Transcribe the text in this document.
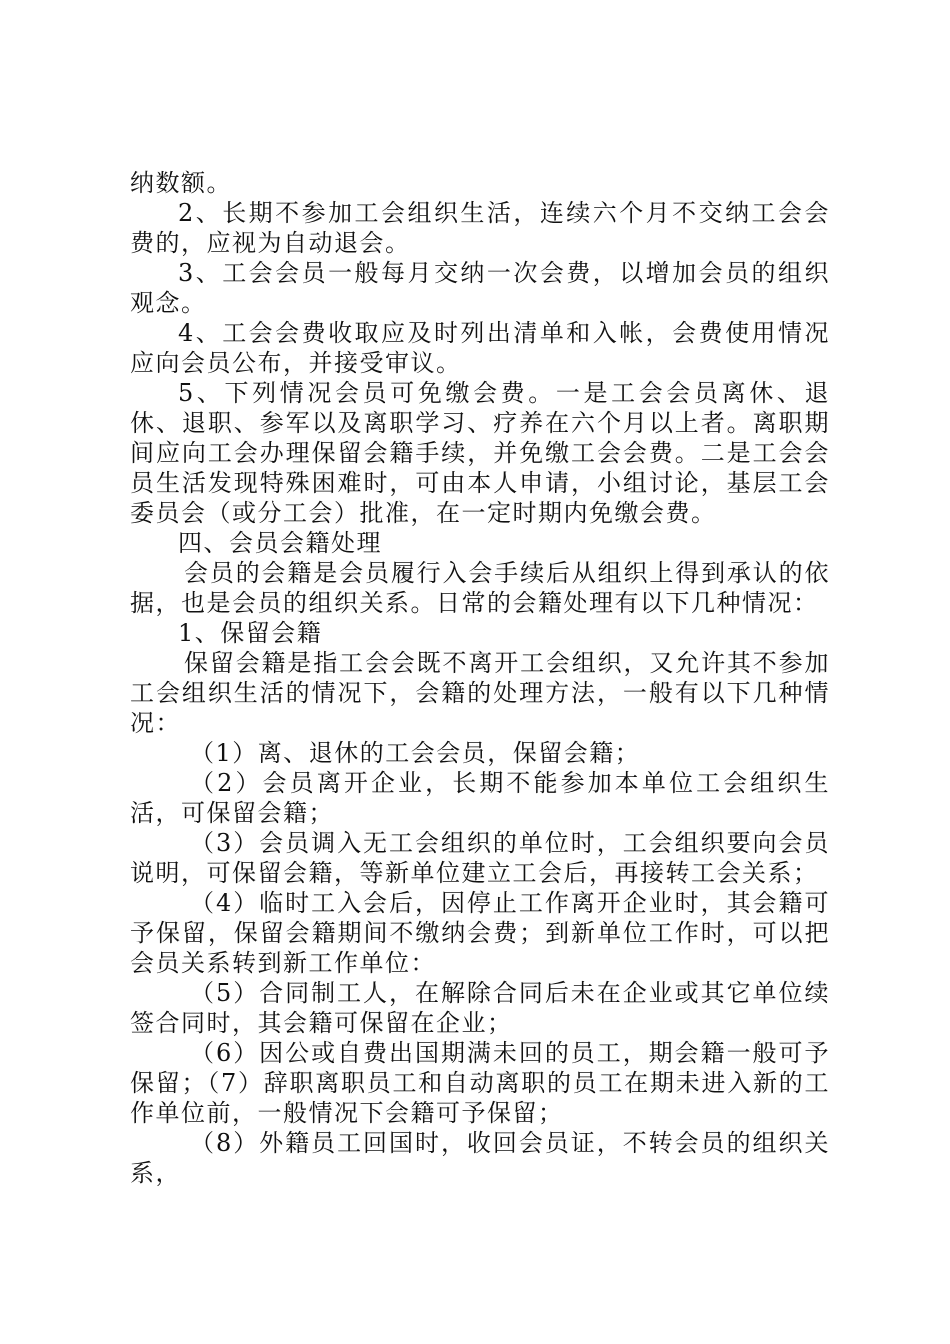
纳数额。

2、长期不参加工会组织生活，连续六个月不交纳工会会费的，应视为自动退会。

3、工会会员一般每月交纳一次会费，以增加会员的组织观念。

4、工会会费收取应及时列出清单和入帐，会费使用情况应向会员公布，并接受审议。

5、下列情况会员可免缴会费。一是工会会员离休、退休、退职、参军以及离职学习、疗养在六个月以上者。离职期间应向工会办理保留会籍手续，并免缴工会会费。二是工会会员生活发现特殊困难时，可由本人申请，小组讨论，基层工会委员会（或分工会）批准，在一定时期内免缴会费。

四、会员会籍处理

会员的会籍是会员履行入会手续后从组织上得到承认的依据，也是会员的组织关系。日常的会籍处理有以下几种情况：

1、保留会籍

保留会籍是指工会会既不离开工会组织，又允许其不参加工会组织生活的情况下，会籍的处理方法，一般有以下几种情况：

（1）离、退休的工会会员，保留会籍；

（2）会员离开企业，长期不能参加本单位工会组织生活，可保留会籍；

（3）会员调入无工会组织的单位时，工会组织要向会员说明，可保留会籍，等新单位建立工会后，再接转工会关系；

（4）临时工入会后，因停止工作离开企业时，其会籍可予保留，保留会籍期间不缴纳会费；到新单位工作时，可以把会员关系转到新工作单位：

（5）合同制工人，在解除合同后未在企业或其它单位续签合同时，其会籍可保留在企业；

（6）因公或自费出国期满未回的员工，期会籍一般可予保留；（7）辞职离职员工和自动离职的员工在期未进入新的工作单位前，一般情况下会籍可予保留；

（8）外籍员工回国时，收回会员证，不转会员的组织关系，
